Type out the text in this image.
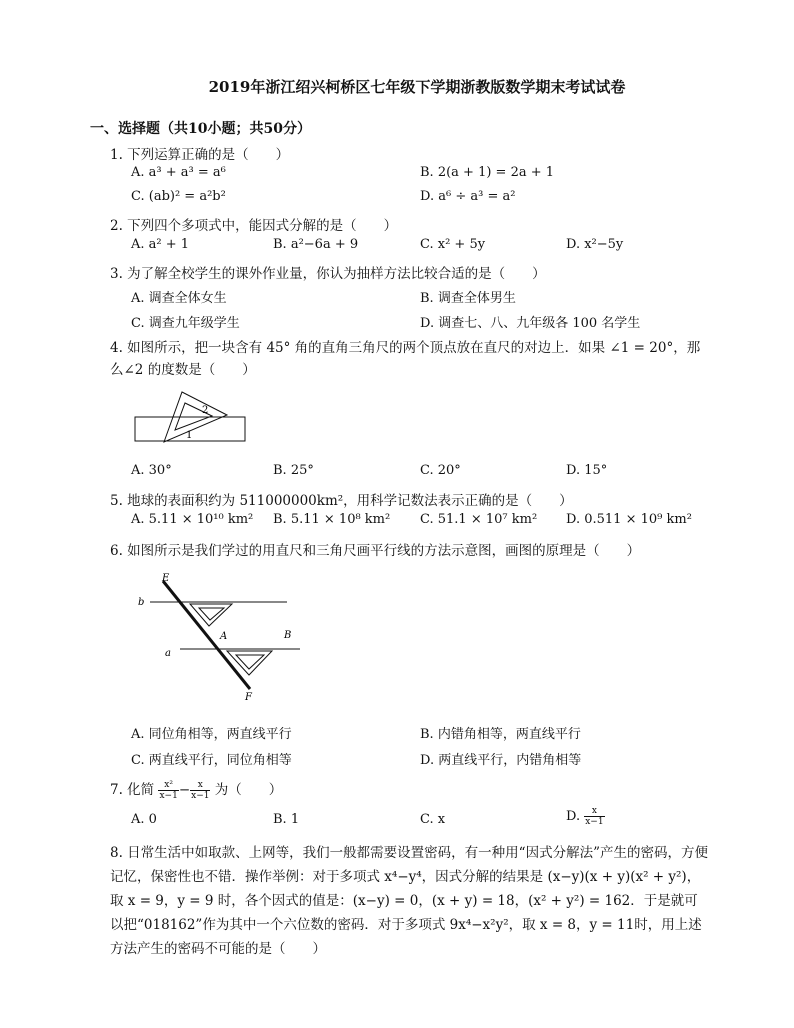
2019年浙江绍兴柯桥区七年级下学期浙教版数学期末考试试卷
一、选择题（共10小题；共50分）
1. 下列运算正确的是（　　）
A. a³ + a³ = a⁶	B. 2(a + 1) = 2a + 1
C. (ab)² = a²b²	D. a⁶ ÷ a³ = a²
2. 下列四个多项式中，能因式分解的是（　　）
A. a² + 1	B. a²−6a + 9	C. x² + 5y	D. x²−5y
3. 为了解全校学生的课外作业量，你认为抽样方法比较合适的是（　　）
A. 调查全体女生	B. 调查全体男生
C. 调查九年级学生	D. 调查七、八、九年级各 100 名学生
4. 如图所示，把一块含有 45° 角的直角三角尺的两个顶点放在直尺的对边上．如果 ∠1 = 20°，那么∠2 的度数是（　　）
1
2
A. 30°	B. 25°	C. 20°	D. 15°
5. 地球的表面积约为 511000000km²，用科学记数法表示正确的是（　　）
A. 5.11 × 10¹⁰ km² B. 5.11 × 10⁸ km² C. 51.1 × 10⁷ km² D. 0.511 × 10⁹ km²
6. 如图所示是我们学过的用直尺和三角尺画平行线的方法示意图，画图的原理是（　　）
E
b
A	B
a
F
A. 同位角相等，两直线平行	B. 内错角相等，两直线平行
C. 两直线平行，同位角相等	D. 两直线平行，内错角相等
7. 化简 $\frac{\text{x²}}{x-1} - \frac{x}{x-1}$ 为（　　）
A. 0	B. 1	C. x	D. $\frac{x}{x-1}$
8. 日常生活中如取款、上网等，我们一般都需要设置密码，有一种用“因式分解法”产生的密码，方便记忆，保密性也不错．操作举例：对于多项式 x⁴−y⁴，因式分解的结果是 (x−y)(x + y)(x² + y²)，取 x = 9，y = 9 时，各个因式的值是：(x−y) = 0，(x + y) = 18，(x² + y²) = 162．于是就可以把“018162”作为其中一个六位数的密码．对于多项式 9x⁴−x²y²，取 x = 8，y = 11时，用上述方法产生的密码不可能的是（　　）
